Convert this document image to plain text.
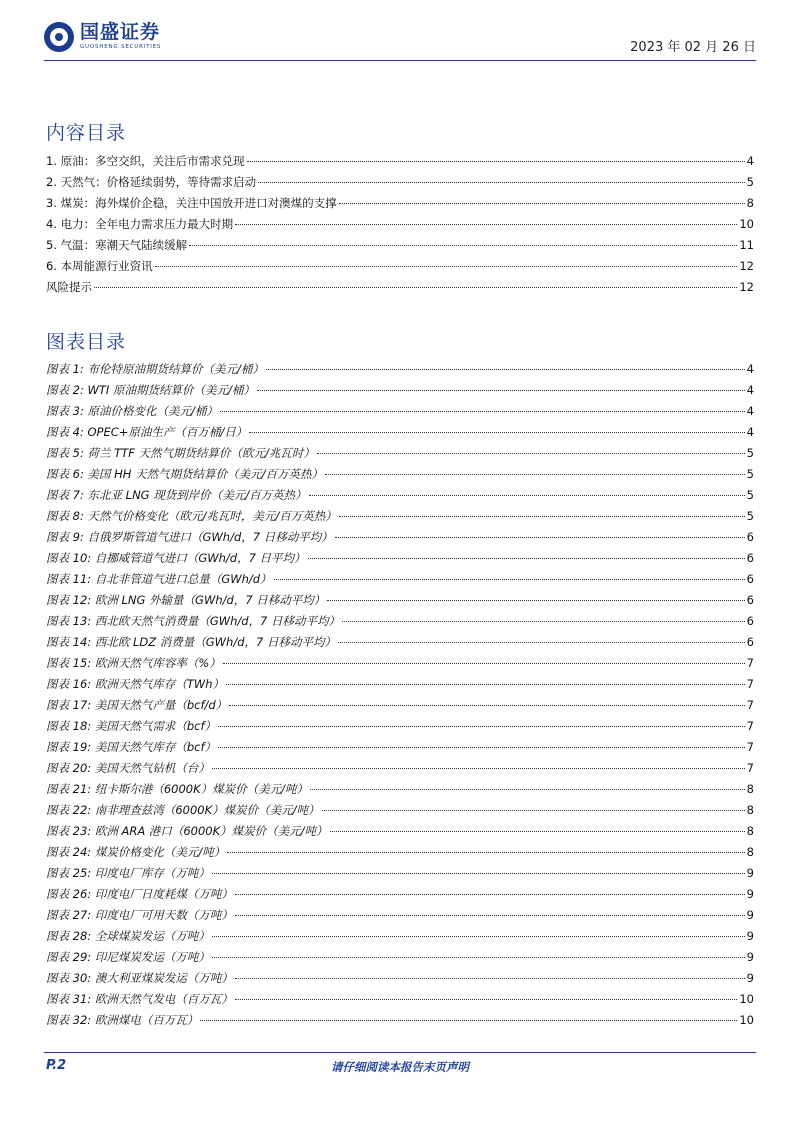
国盛证券
GUOSHENG SECURITIES	2023 年 02 月 26 日
内容目录
1. 原油：多空交织，关注后市需求兑现	4
2. 天然气：价格延续弱势，等待需求启动	5
3. 煤炭：海外煤价企稳，关注中国放开进口对澳煤的支撑	8
4. 电力：全年电力需求压力最大时期	10
5. 气温：寒潮天气陆续缓解	11
6. 本周能源行业资讯	12
风险提示	12
图表目录
图表 1: 布伦特原油期货结算价（美元/桶）	4
图表 2: WTI 原油期货结算价（美元/桶）	4
图表 3: 原油价格变化（美元/桶）	4
图表 4: OPEC+原油生产（百万桶/日）	4
图表 5: 荷兰 TTF 天然气期货结算价（欧元/兆瓦时）	5
图表 6: 美国 HH 天然气期货结算价（美元/百万英热）	5
图表 7: 东北亚 LNG 现货到岸价（美元/百万英热）	5
图表 8: 天然气价格变化（欧元/兆瓦时，美元/百万英热）	5
图表 9: 自俄罗斯管道气进口（GWh/d，7 日移动平均）	6
图表 10: 自挪威管道气进口（GWh/d，7 日平均）	6
图表 11: 自北非管道气进口总量（GWh/d）	6
图表 12: 欧洲 LNG 外输量（GWh/d，7 日移动平均）	6
图表 13: 西北欧天然气消费量（GWh/d，7 日移动平均）	6
图表 14: 西北欧 LDZ 消费量（GWh/d，7 日移动平均）	6
图表 15: 欧洲天然气库容率（%）	7
图表 16: 欧洲天然气库存（TWh）	7
图表 17: 美国天然气产量（bcf/d）	7
图表 18: 美国天然气需求（bcf）	7
图表 19: 美国天然气库存（bcf）	7
图表 20: 美国天然气钻机（台）	7
图表 21: 纽卡斯尔港（6000K）煤炭价（美元/吨）	8
图表 22: 南非理查兹湾（6000K）煤炭价（美元/吨）	8
图表 23: 欧洲 ARA 港口（6000K）煤炭价（美元/吨）	8
图表 24: 煤炭价格变化（美元/吨）	8
图表 25: 印度电厂库存（万吨）	9
图表 26: 印度电厂日度耗煤（万吨）	9
图表 27: 印度电厂可用天数（万吨）	9
图表 28: 全球煤炭发运（万吨）	9
图表 29: 印尼煤炭发运（万吨）	9
图表 30: 澳大利亚煤炭发运（万吨）	9
图表 31: 欧洲天然气发电（百万瓦）	10
图表 32: 欧洲煤电（百万瓦）	10
P.2	请仔细阅读本报告末页声明
